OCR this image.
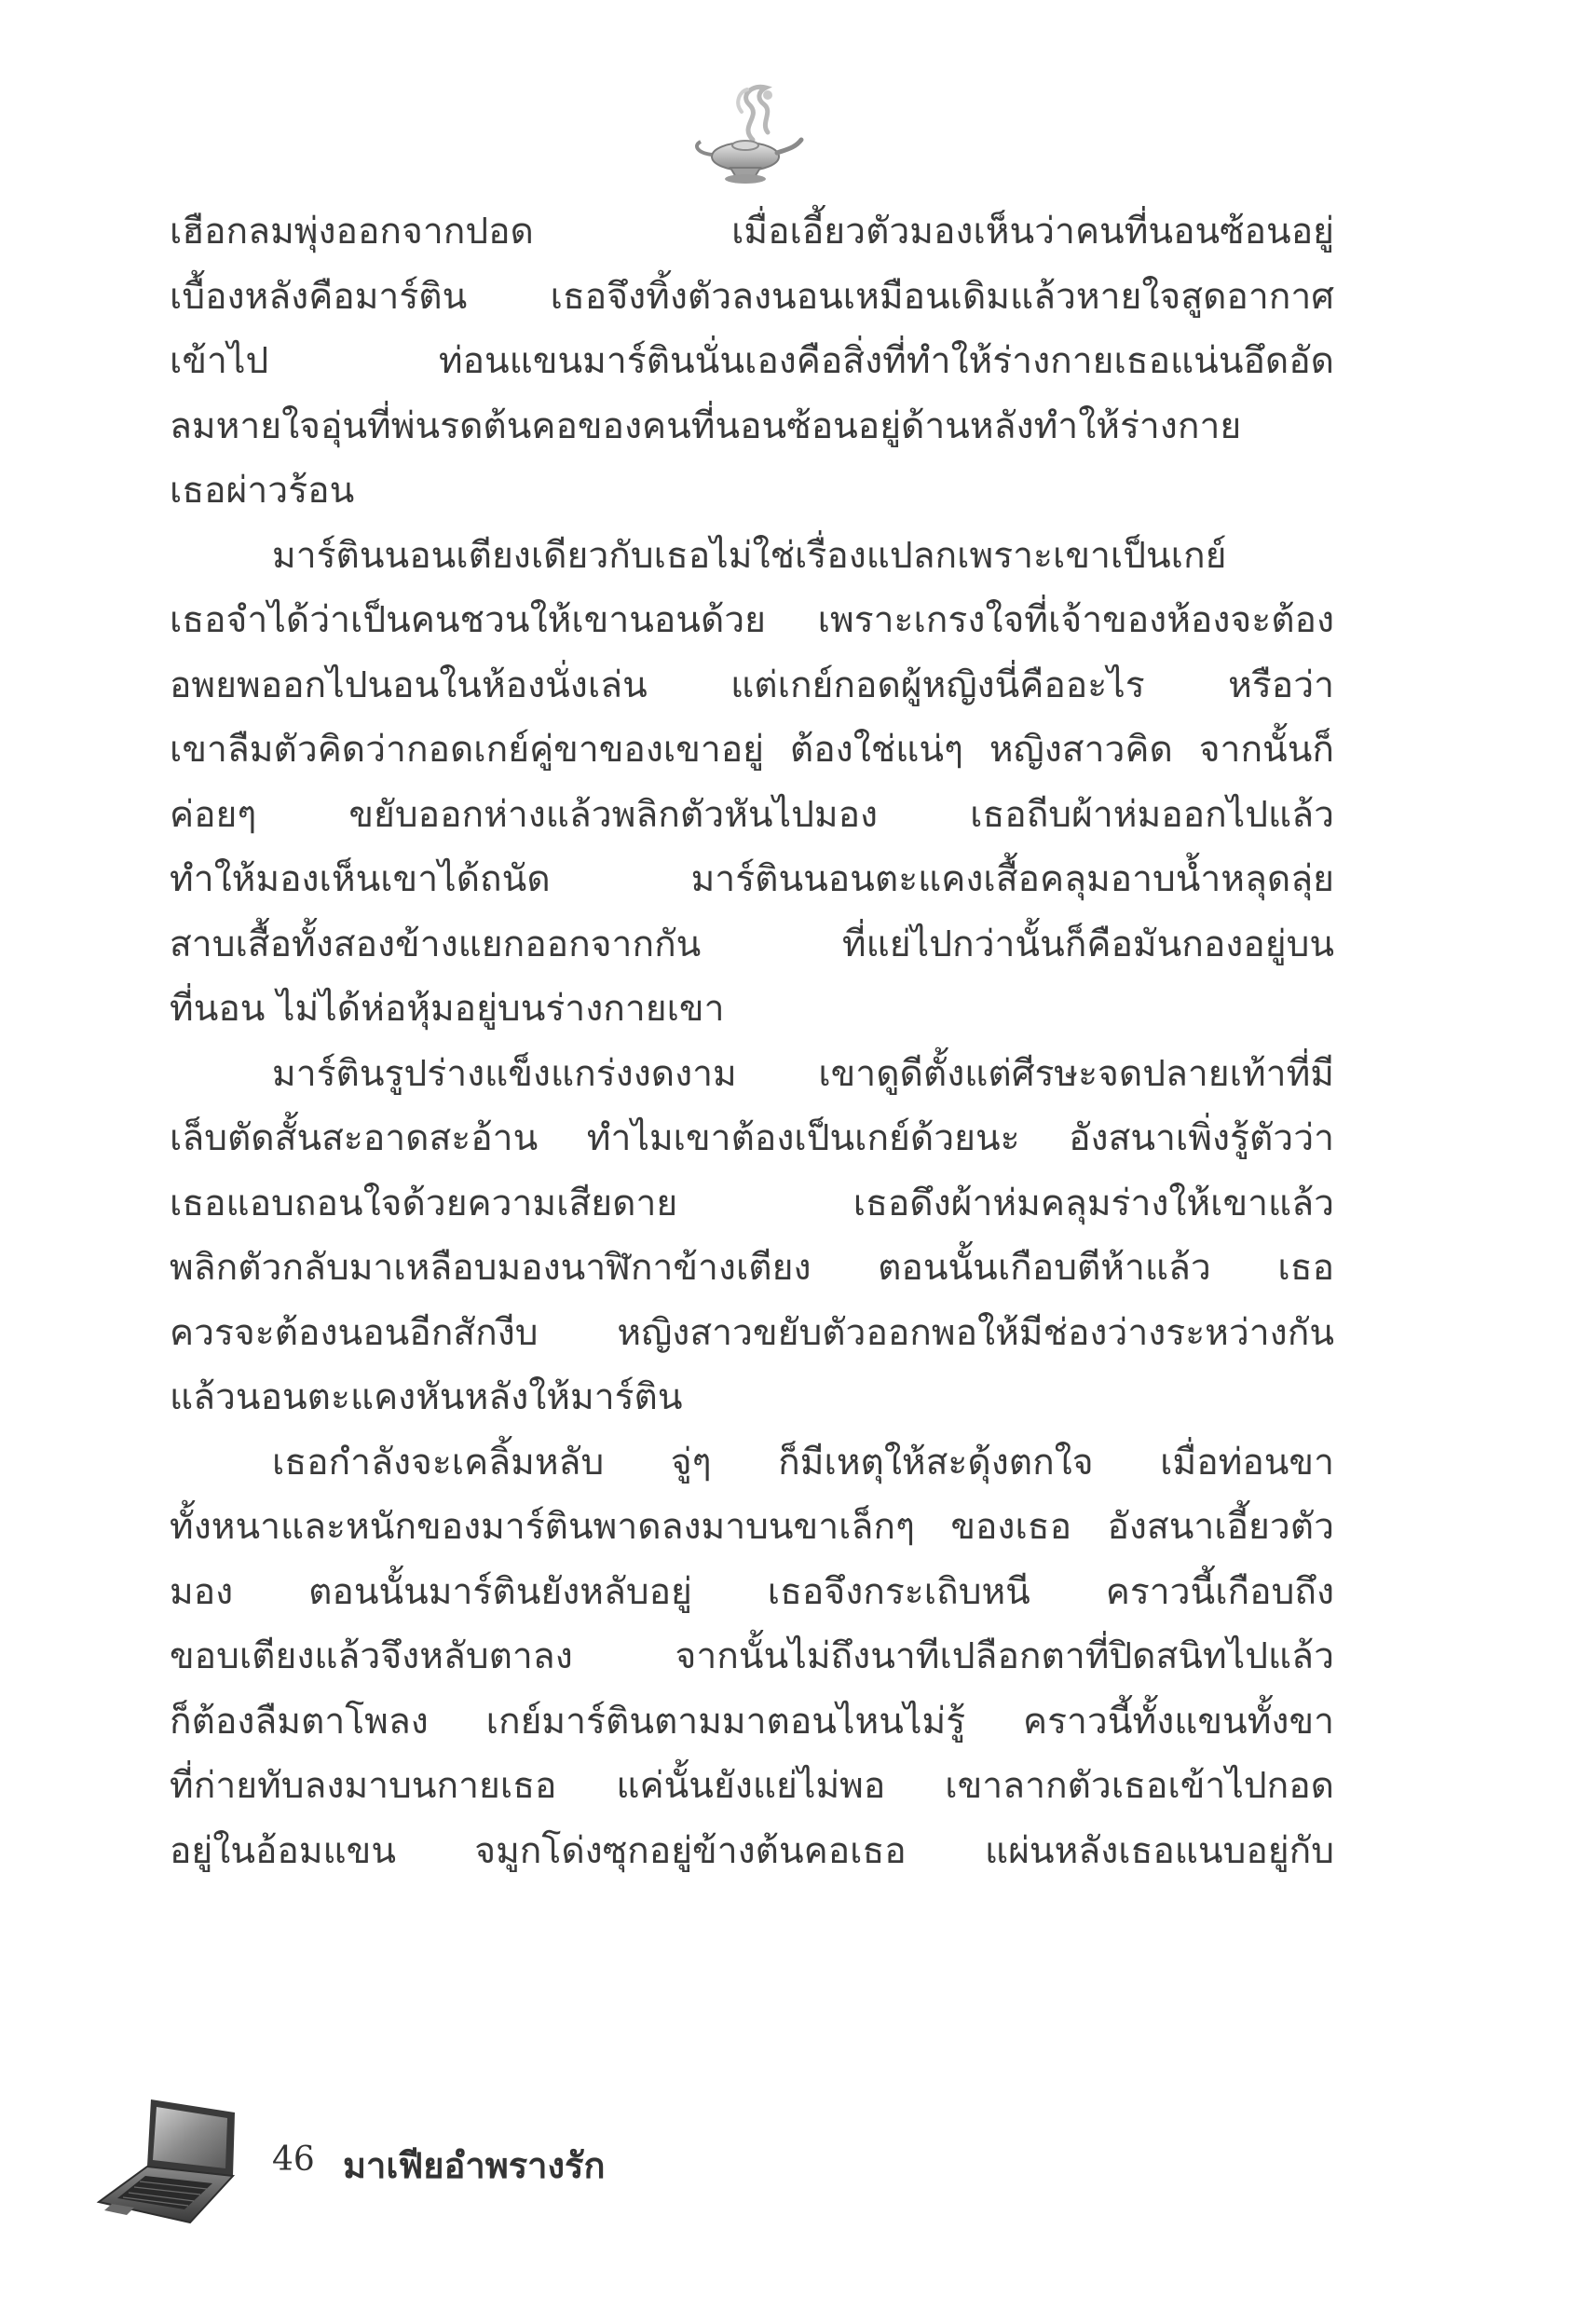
เฮือกลมพุ่งออกจากปอด เมื่อเอี้ยวตัวมองเห็นว่าคนที่นอนซ้อนอยู่
เบื้องหลังคือมาร์ติน เธอจึงทิ้งตัวลงนอนเหมือนเดิมแล้วหายใจสูดอากาศ
เข้าไป ท่อนแขนมาร์ตินนั่นเองคือสิ่งที่ทำให้ร่างกายเธอแน่นอึดอัด
ลมหายใจอุ่นที่พ่นรดต้นคอของคนที่นอนซ้อนอยู่ด้านหลังทำให้ร่างกาย
เธอผ่าวร้อน
มาร์ตินนอนเตียงเดียวกับเธอไม่ใช่เรื่องแปลกเพราะเขาเป็นเกย์
เธอจำได้ว่าเป็นคนชวนให้เขานอนด้วย เพราะเกรงใจที่เจ้าของห้องจะต้อง
อพยพออกไปนอนในห้องนั่งเล่น แต่เกย์กอดผู้หญิงนี่คืออะไร หรือว่า
เขาลืมตัวคิดว่ากอดเกย์คู่ขาของเขาอยู่ ต้องใช่แน่ๆ หญิงสาวคิด จากนั้นก็
ค่อยๆ ขยับออกห่างแล้วพลิกตัวหันไปมอง เธอถีบผ้าห่มออกไปแล้ว
ทำให้มองเห็นเขาได้ถนัด มาร์ตินนอนตะแคงเสื้อคลุมอาบน้ำหลุดลุ่ย
สาบเสื้อทั้งสองข้างแยกออกจากกัน ที่แย่ไปกว่านั้นก็คือมันกองอยู่บน
ที่นอน ไม่ได้ห่อหุ้มอยู่บนร่างกายเขา
มาร์ตินรูปร่างแข็งแกร่งงดงาม เขาดูดีตั้งแต่ศีรษะจดปลายเท้าที่มี
เล็บตัดสั้นสะอาดสะอ้าน ทำไมเขาต้องเป็นเกย์ด้วยนะ อังสนาเพิ่งรู้ตัวว่า
เธอแอบถอนใจด้วยความเสียดาย เธอดึงผ้าห่มคลุมร่างให้เขาแล้ว
พลิกตัวกลับมาเหลือบมองนาฬิกาข้างเตียง ตอนนั้นเกือบตีห้าแล้ว เธอ
ควรจะต้องนอนอีกสักงีบ หญิงสาวขยับตัวออกพอให้มีช่องว่างระหว่างกัน
แล้วนอนตะแคงหันหลังให้มาร์ติน
เธอกำลังจะเคลิ้มหลับ จู่ๆ ก็มีเหตุให้สะดุ้งตกใจ เมื่อท่อนขา
ทั้งหนาและหนักของมาร์ตินพาดลงมาบนขาเล็กๆ ของเธอ อังสนาเอี้ยวตัว
มอง ตอนนั้นมาร์ตินยังหลับอยู่ เธอจึงกระเถิบหนี คราวนี้เกือบถึง
ขอบเตียงแล้วจึงหลับตาลง จากนั้นไม่ถึงนาทีเปลือกตาที่ปิดสนิทไปแล้ว
ก็ต้องลืมตาโพลง เกย์มาร์ตินตามมาตอนไหนไม่รู้ คราวนี้ทั้งแขนทั้งขา
ที่ก่ายทับลงมาบนกายเธอ แค่นั้นยังแย่ไม่พอ เขาลากตัวเธอเข้าไปกอด
อยู่ในอ้อมแขน จมูกโด่งซุกอยู่ข้างต้นคอเธอ แผ่นหลังเธอแนบอยู่กับ
46 มาเฟียอำพรางรัก
